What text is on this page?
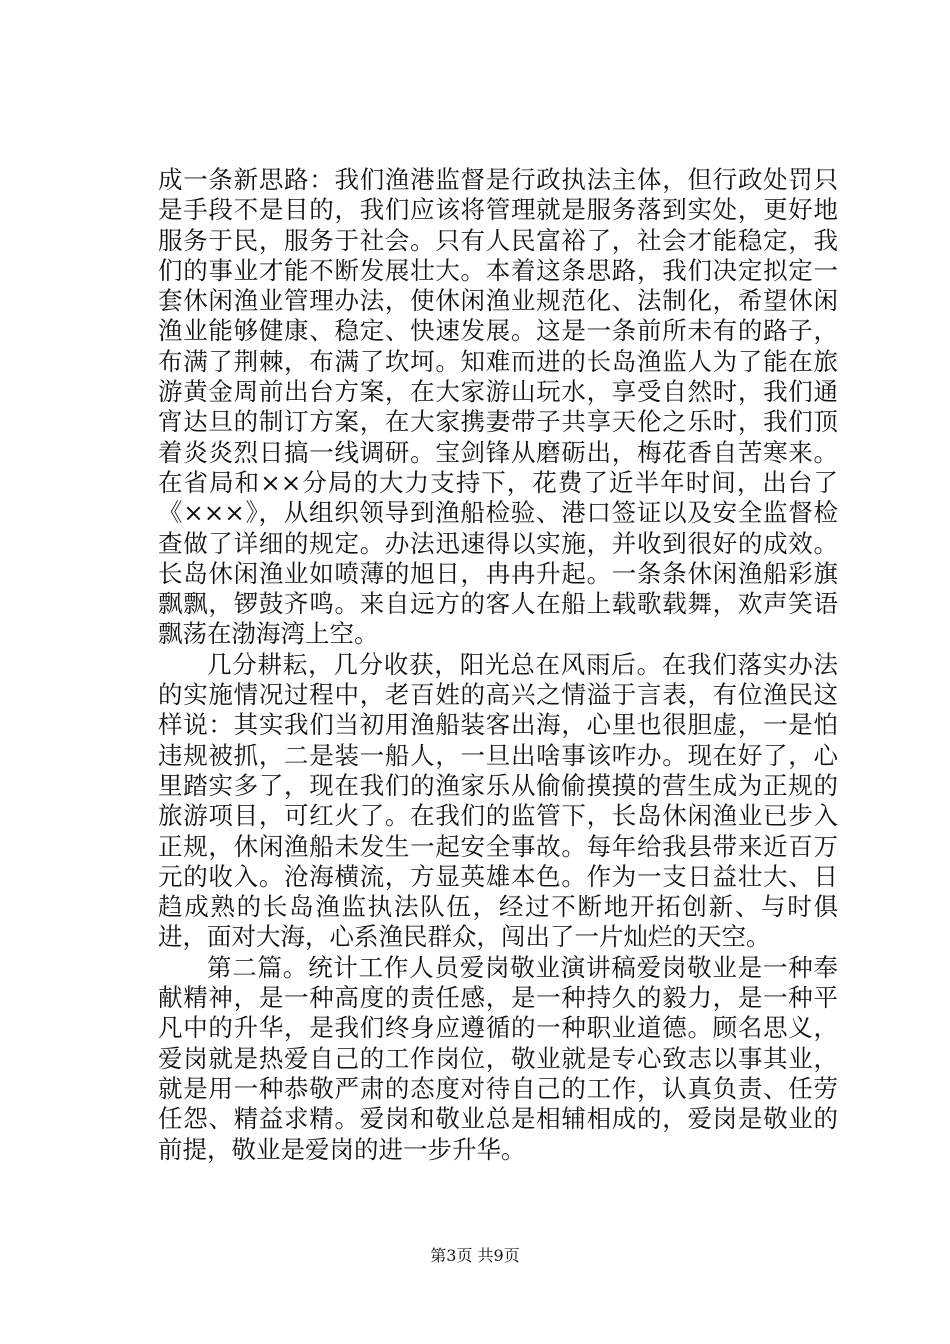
成一条新思路：我们渔港监督是行政执法主体，但行政处罚只是手段不是目的，我们应该将管理就是服务落到实处，更好地服务于民，服务于社会。只有人民富裕了，社会才能稳定，我们的事业才能不断发展壮大。本着这条思路，我们决定拟定一套休闲渔业管理办法，使休闲渔业规范化、法制化，希望休闲渔业能够健康、稳定、快速发展。这是一条前所未有的路子，布满了荆棘，布满了坎坷。知难而进的长岛渔监人为了能在旅游黄金周前出台方案，在大家游山玩水，享受自然时，我们通宵达旦的制订方案，在大家携妻带子共享天伦之乐时，我们顶着炎炎烈日搞一线调研。宝剑锋从磨砺出，梅花香自苦寒来。在省局和××分局的大力支持下，花费了近半年时间，出台了《×××》，从组织领导到渔船检验、港口签证以及安全监督检查做了详细的规定。办法迅速得以实施，并收到很好的成效。长岛休闲渔业如喷薄的旭日，冉冉升起。一条条休闲渔船彩旗飘飘，锣鼓齐鸣。来自远方的客人在船上载歌载舞，欢声笑语飘荡在渤海湾上空。

几分耕耘，几分收获，阳光总在风雨后。在我们落实办法的实施情况过程中，老百姓的高兴之情溢于言表，有位渔民这样说：其实我们当初用渔船装客出海，心里也很胆虚，一是怕违规被抓，二是装一船人，一旦出啥事该咋办。现在好了，心里踏实多了，现在我们的渔家乐从偷偷摸摸的营生成为正规的旅游项目，可红火了。在我们的监管下，长岛休闲渔业已步入正规，休闲渔船未发生一起安全事故。每年给我县带来近百万元的收入。沧海横流，方显英雄本色。作为一支日益壮大、日趋成熟的长岛渔监执法队伍，经过不断地开拓创新、与时俱进，面对大海，心系渔民群众，闯出了一片灿烂的天空。

第二篇。统计工作人员爱岗敬业演讲稿爱岗敬业是一种奉献精神，是一种高度的责任感，是一种持久的毅力，是一种平凡中的升华，是我们终身应遵循的一种职业道德。顾名思义，爱岗就是热爱自己的工作岗位，敬业就是专心致志以事其业，就是用一种恭敬严肃的态度对待自己的工作，认真负责、任劳任怨、精益求精。爱岗和敬业总是相辅相成的，爱岗是敬业的前提，敬业是爱岗的进一步升华。

第3页 共9页
